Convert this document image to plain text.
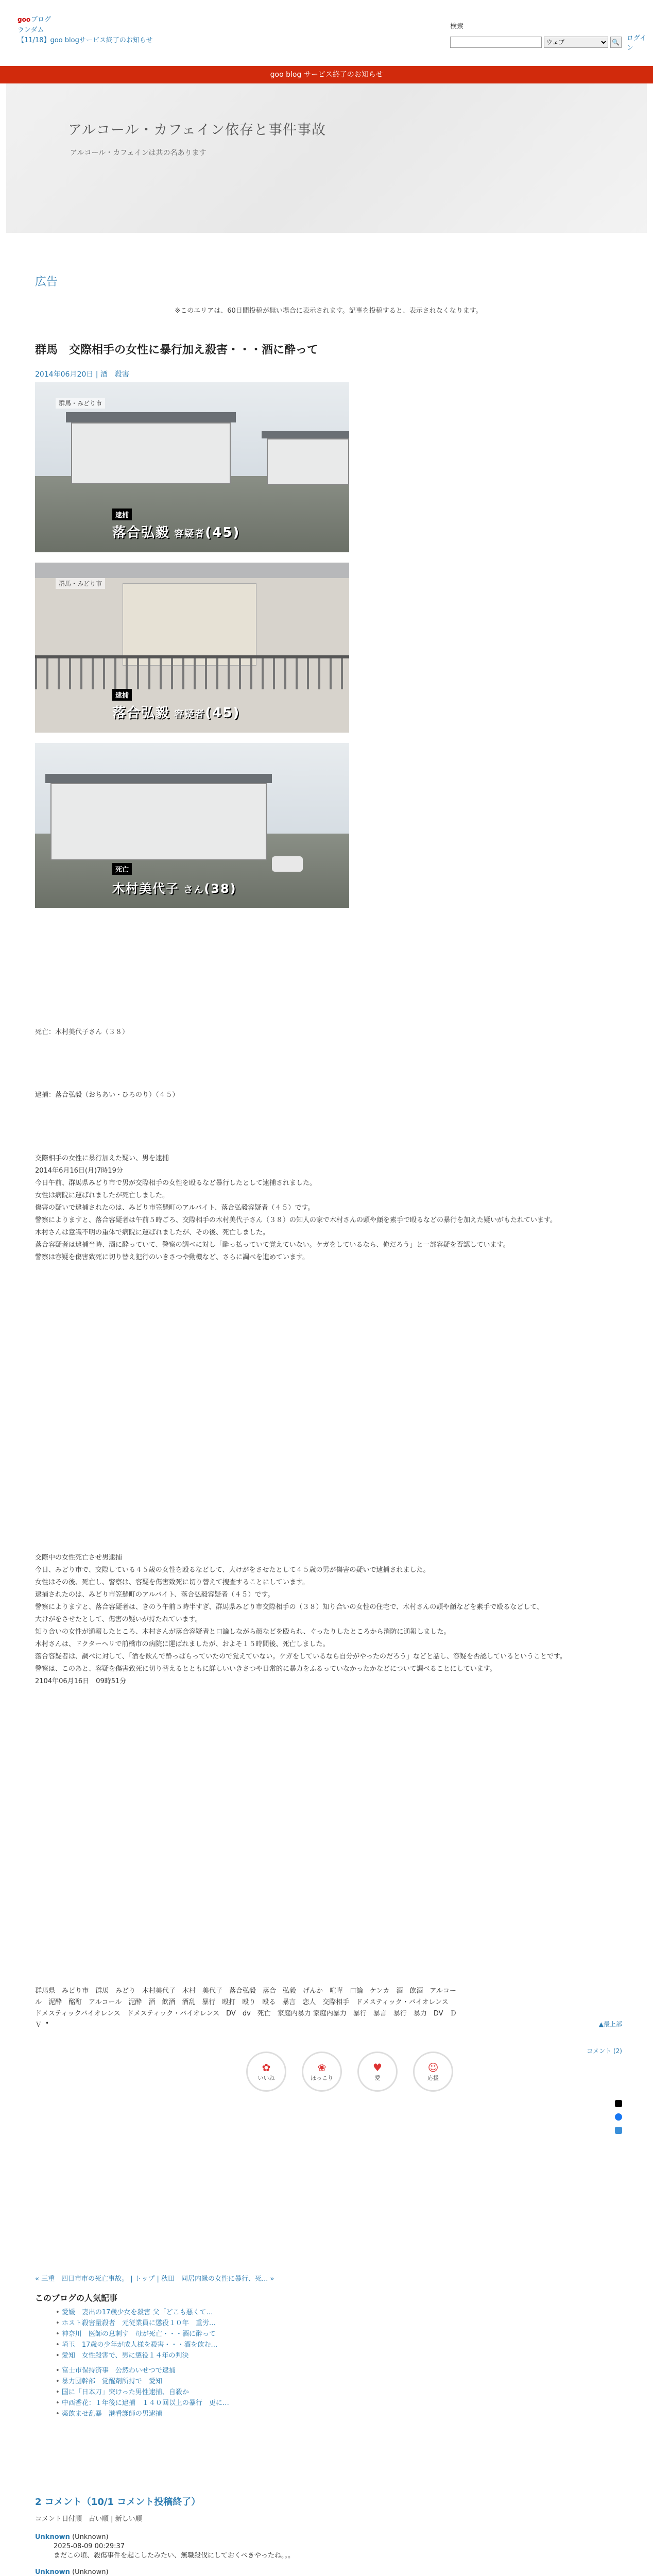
gooブログ
ランダム
【11/18】goo blogサービス終了のお知らせ
検索
ウェブ
🔍 ログイン
goo blog サービス終了のお知らせ
アルコール・カフェイン依存と事件事故
アルコール・カフェインは共の名あります
広告
※このエリアは、60日間投稿が無い場合に表示されます。記事を投稿すると、表示されなくなります。
群馬　交際相手の女性に暴行加え殺害・・・酒に酔って
2014年06月20日 | 酒　殺害
群馬・みどり市
逮捕
落合弘毅 容疑者(45)
群馬・みどり市
逮捕
落合弘毅 容疑者(45)
死亡
木村美代子 さん(38)
死亡：木村美代子さん（３８）
逮捕：落合弘毅（おちあい・ひろのり）（４５）

交際相手の女性に暴行加えた疑い、男を逮捕

2014年6月16日(月)7時19分

今日午前、群馬県みどり市で男が交際相手の女性を殴るなど暴行したとして逮捕されました。

女性は病院に運ばれましたが死亡しました。

傷害の疑いで逮捕されたのは、みどり市笠懸町のアルバイト、落合弘毅容疑者（４５）です。

警察によりますと、落合容疑者は午前５時ごろ、交際相手の木村美代子さん（３８）の知人の家で木村さんの頭や顔を素手で殴るなどの暴行を加えた疑いがもたれています。

木村さんは意識不明の重体で病院に運ばれましたが、その後、死亡しました。

落合容疑者は逮捕当時、酒に酔っていて、警察の調べに対し「酔っ払っていて覚えていない。ケガをしているなら、俺だろう」と一部容疑を否認しています。

警察は容疑を傷害致死に切り替え犯行のいきさつや動機など、さらに調べを進めています。

交際中の女性死亡させ男逮捕

今日、みどり市で、交際している４５歳の女性を殴るなどして、大けがをさせたとして４５歳の男が傷害の疑いで逮捕されました。

女性はその後、死亡し、警察は、容疑を傷害致死に切り替えて捜査することにしています。

逮捕されたのは、みどり市笠懸町のアルバイト、落合弘毅容疑者（４５）です。

警察によりますと、落合容疑者は、きのう午前５時半すぎ、群馬県みどり市交際相手の（３８）知り合いの女性の住宅で、木村さんの頭や顔などを素手で殴るなどして、

大けがをさせたとして、傷害の疑いが持たれています。

知り合いの女性が通報したところ、木村さんが落合容疑者と口論しながら顔などを殴られ、ぐったりしたところから消防に通報しました。

木村さんは、ドクターヘリで前橋市の病院に運ばれましたが、およそ１５時間後、死亡しました。

落合容疑者は、調べに対して、「酒を飲んで酔っぱらっていたので覚えていない。ケガをしているなら自分がやったのだろう」などと話し、容疑を否認しているということです。

警察は、このあと、容疑を傷害致死に切り替えるとともに詳しいいきさつや日常的に暴力をふるっていなかったかなどについて調べることにしています。

2104年06月16日　09時51分

群馬県　みどり市　群馬　みどり　木村美代子　木村　美代子　落合弘毅　落合　弘毅　げんか　喧嘩　口論　ケンカ　酒　飲酒　アルコール　泥酔　酩酊　アルコール　泥酔　酒　飲酒　酒乱　暴行　殴打　殴り　殴る　暴言　恋人　交際相手　ドメスティック・バイオレンス　ドメスティックバイオレンス　ドメスティック・バイオレンス　DV　dv　死亡　家庭内暴力 家庭内暴力　暴行　暴言　暴行　暴力　DV　ＤＶ •	▲最上部
コメント (2)
✿
いいね
❀
ほっこり
♥
愛
☺
応援
« 三重　四日市市の死亡事故。 | トップ | 秋田　同居内縁の女性に暴行、死... »
このブログの人気記事
• 愛媛　妻出の17歳少女を殺害 父「どこも悪くて…
• ホスト殺害量殺者　元従業員に懲役１０年　重労…
• 神奈川　医師の息刺す　母が死亡・・・酒に酔って
• 埼玉　17歳の少年が成人様を殺害・・・酒を飲む…
• 愛知　女性殺害で、男に懲役１４年の判決
• 富士市保持済事　公然わいせつで逮捕
• 暴力団幹部　覚醒剤所持で　愛知
• 国に「日本刀」突けった男性逮捕、自殺か
• 中西香花：１年後に逮捕　１４０回以上の暴行　更に…
• 薬飲ませ乱暴　港看護師の男逮捕
2 コメント（10/1 コメント投稿終了）
コメント日付順　古い順 | 新しい順
Unknown (Unknown)
2025-08-09 00:29:37
まだこの頃、殺傷事件を起こしたみたい、無職殺伐にしておくべきやったね。。。
Unknown (Unknown)
